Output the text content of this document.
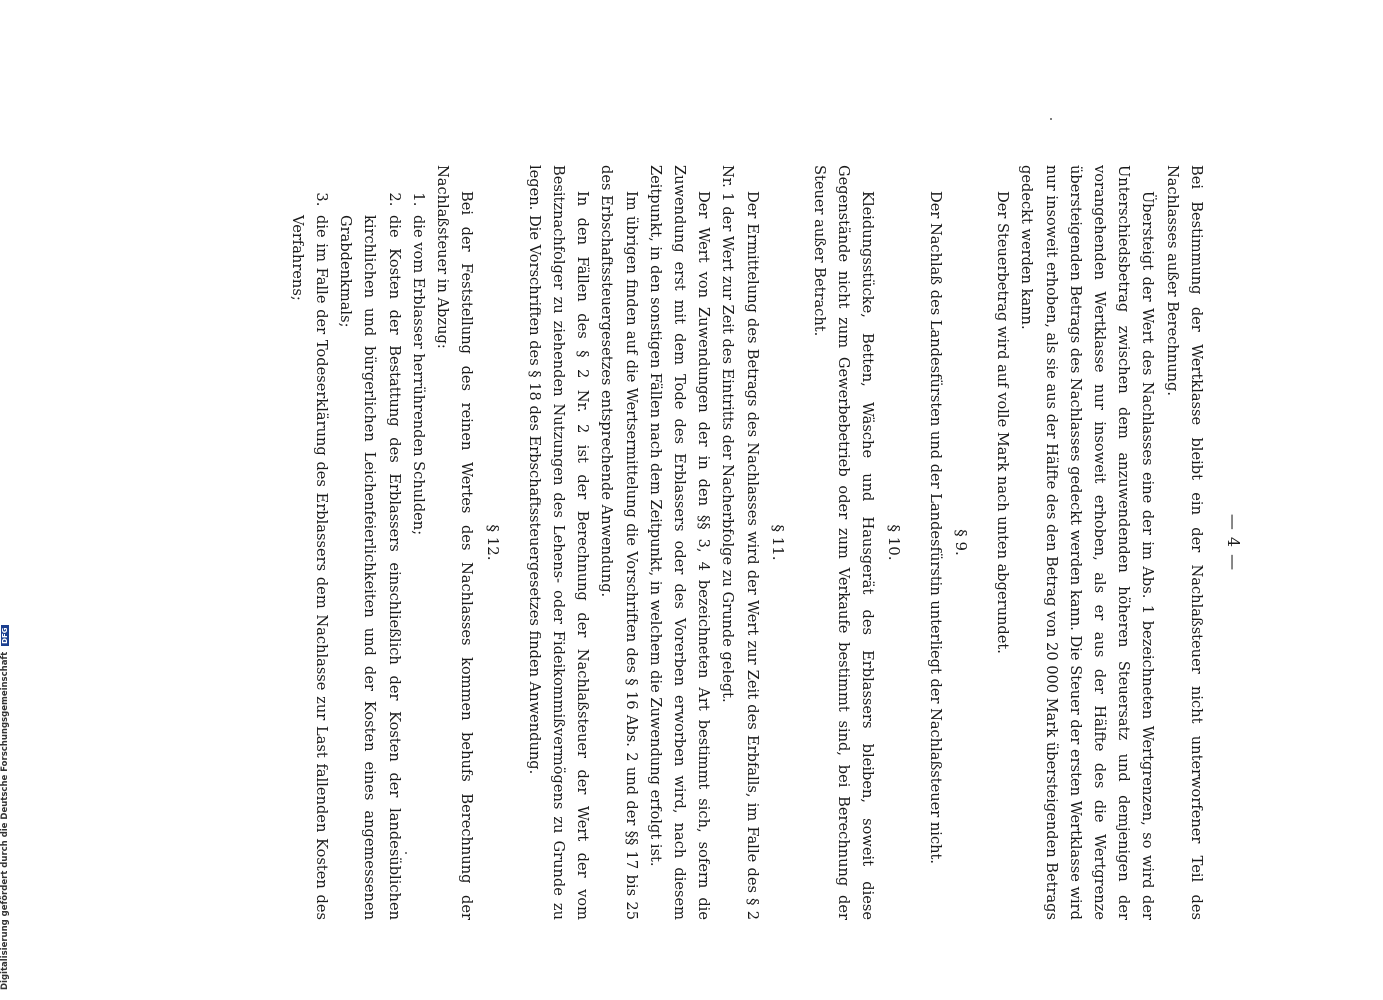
— 4 —

Bei Bestimmung der Wertklasse bleibt ein der Nachlaßsteuer nicht unterworfener Teil des Nachlasses außer Berechnung.

Übersteigt der Wert des Nachlasses eine der im Abs. 1 bezeichneten Wertgrenzen, so wird der Unterschiedsbetrag zwischen dem anzuwendenden höheren Steuersatz und demjenigen der vorangehenden Wertklasse nur insoweit erhoben, als er aus der Hälfte des die Wertgrenze übersteigenden Betrags des Nachlasses gedeckt werden kann. Die Steuer der ersten Wertklasse wird nur insoweit erhoben, als sie aus der Hälfte des den Betrag von 20 000 Mark übersteigenden Betrags gedeckt werden kann.

Der Steuerbetrag wird auf volle Mark nach unten abgerundet.

§ 9.

Der Nachlaß des Landesfürsten und der Landesfürstin unterliegt der Nachlaßsteuer nicht.

§ 10.

Kleidungsstücke, Betten, Wäsche und Hausgerät des Erblassers bleiben, soweit diese Gegenstände nicht zum Gewerbebetrieb oder zum Verkaufe bestimmt sind, bei Berechnung der Steuer außer Betracht.

§ 11.

Der Ermittelung des Betrags des Nachlasses wird der Wert zur Zeit des Erbfalls, im Falle des § 2 Nr. 1 der Wert zur Zeit des Eintritts der Nacherbfolge zu Grunde gelegt.

Der Wert von Zuwendungen der in den §§ 3, 4 bezeichneten Art bestimmt sich, sofern die Zuwendung erst mit dem Tode des Erblassers oder des Vorerben erworben wird, nach diesem Zeitpunkt, in den sonstigen Fällen nach dem Zeitpunkt, in welchem die Zuwendung erfolgt ist.

Im übrigen finden auf die Wertsermittelung die Vorschriften des § 16 Abs. 2 und der §§ 17 bis 25 des Erbschaftssteuergesetzes entsprechende Anwendung.

In den Fällen des § 2 Nr. 2 ist der Berechnung der Nachlaßsteuer der Wert der vom Besitznachfolger zu ziehenden Nutzungen des Lehens- oder Fideikommißvermögens zu Grunde zu legen. Die Vorschriften des § 18 des Erbschaftssteuergesetzes finden Anwendung.

§ 12.

Bei der Feststellung des reinen Wertes des Nachlasses kommen behufs Berechnung der Nachlaßsteuer in Abzug:

1. die vom Erblasser herrührenden Schulden;
2. die Kosten der Bestattung des Erblassers einschließlich der Kosten der landesüblichen kirchlichen und bürgerlichen Leichenfeierlichkeiten und der Kosten eines angemessenen Grabdenkmals;
3. die im Falle der Todeserklärung des Erblassers dem Nachlasse zur Last fallenden Kosten des Verfahrens;
Digitalisierung gefördert durch die Deutsche Forschungsgemeinschaft DFG
